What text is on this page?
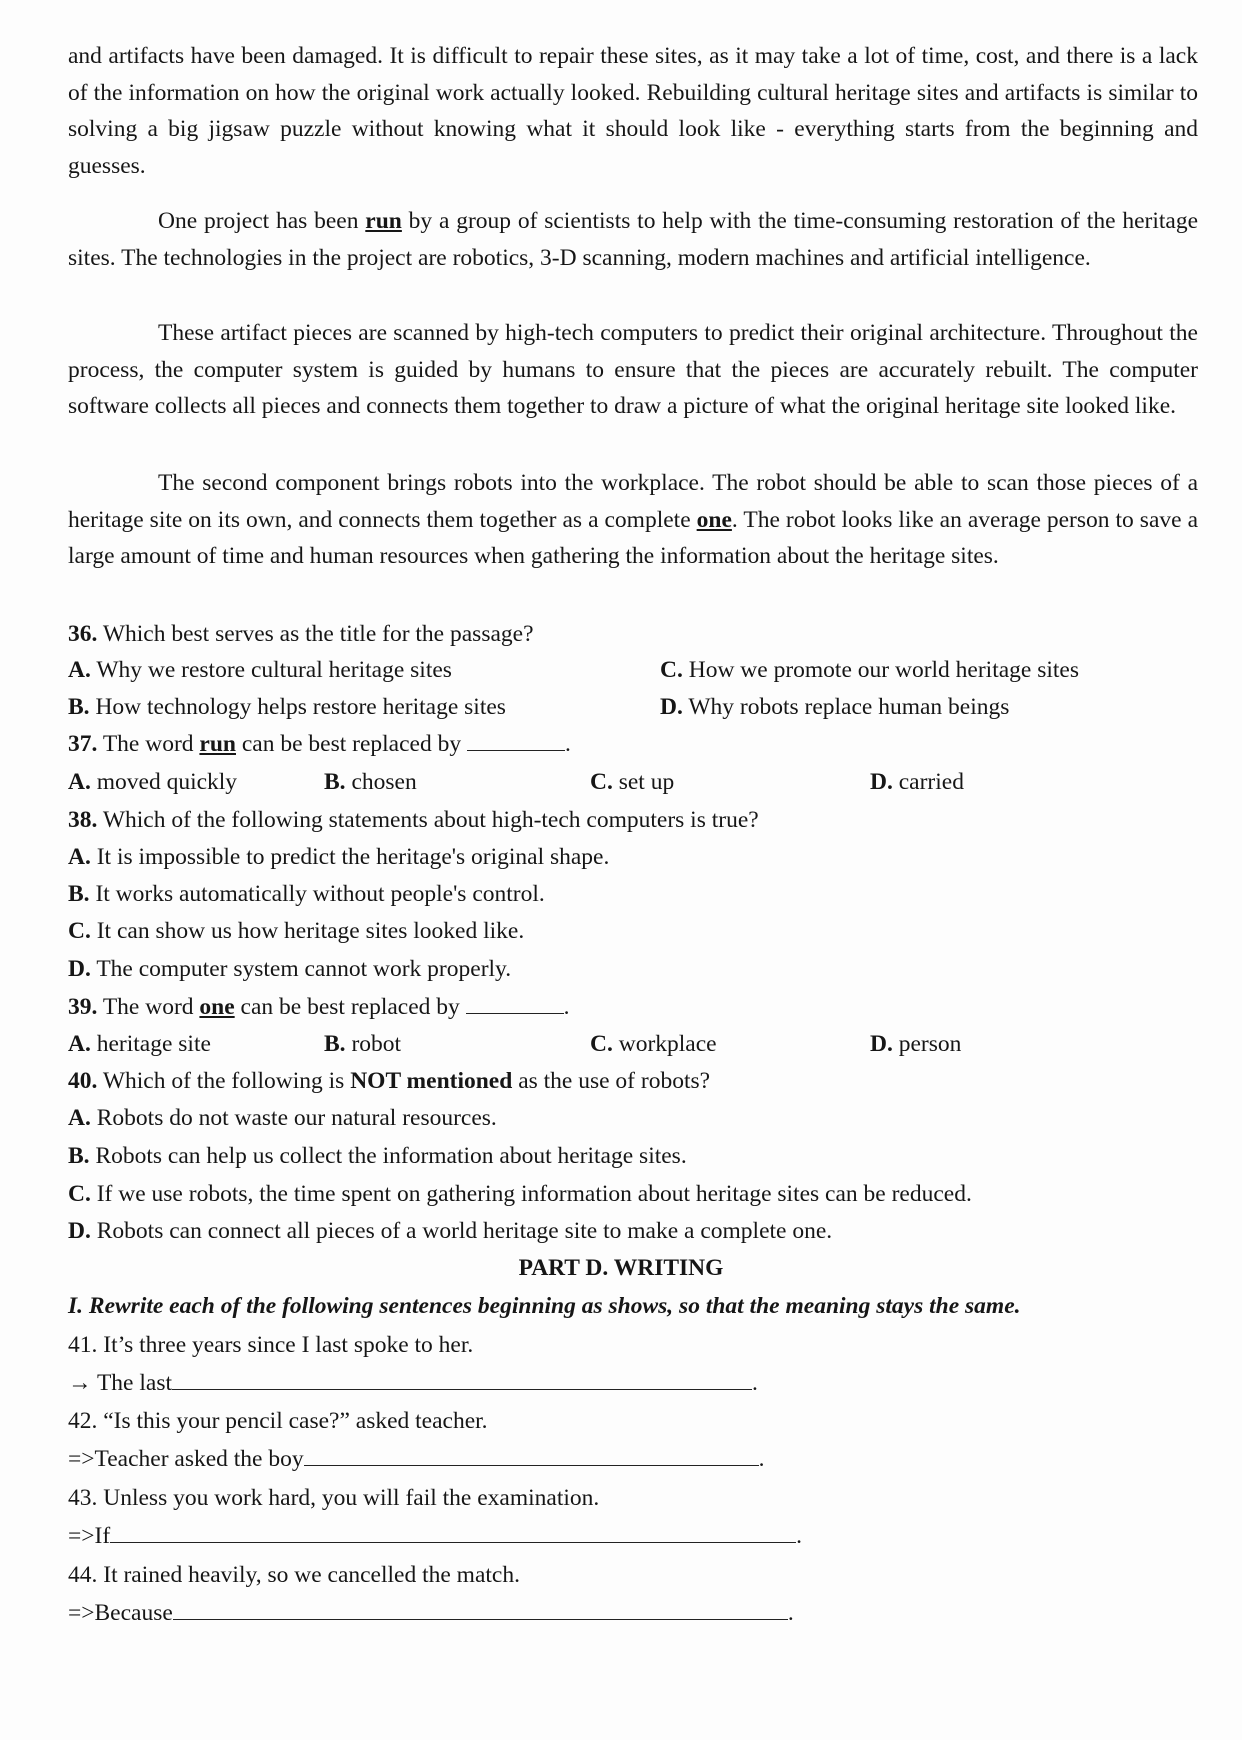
and artifacts have been damaged. It is difficult to repair these sites, as it may take a lot of time, cost, and there is a lack of the information on how the original work actually looked. Rebuilding cultural heritage sites and artifacts is similar to solving a big jigsaw puzzle without knowing what it should look like - everything starts from the beginning and guesses.

One project has been run by a group of scientists to help with the time-consuming restoration of the heritage sites. The technologies in the project are robotics, 3-D scanning, modern machines and artificial intelligence.

These artifact pieces are scanned by high-tech computers to predict their original architecture. Throughout the process, the computer system is guided by humans to ensure that the pieces are accurately rebuilt. The computer software collects all pieces and connects them together to draw a picture of what the original heritage site looked like.

The second component brings robots into the workplace. The robot should be able to scan those pieces of a heritage site on its own, and connects them together as a complete one. The robot looks like an average person to save a large amount of time and human resources when gathering the information about the heritage sites.

36. Which best serves as the title for the passage?
A. Why we restore cultural heritage sites	C. How we promote our world heritage sites
B. How technology helps restore heritage sites	D. Why robots replace human beings
37. The word run can be best replaced by	.
A. moved quickly	B. chosen	C. set up	D. carried
38. Which of the following statements about high-tech computers is true?
A. It is impossible to predict the heritage's original shape.
B. It works automatically without people's control.
C. It can show us how heritage sites looked like.
D. The computer system cannot work properly.
39. The word one can be best replaced by	.
A. heritage site	B. robot	C. workplace	D. person
40. Which of the following is NOT mentioned as the use of robots?
A. Robots do not waste our natural resources.
B. Robots can help us collect the information about heritage sites.
C. If we use robots, the time spent on gathering information about heritage sites can be reduced.
D. Robots can connect all pieces of a world heritage site to make a complete one.
PART D. WRITING
I. Rewrite each of the following sentences beginning as shows, so that the meaning stays the same.
41. It’s three years since I last spoke to her.
→ The last	.
42. “Is this your pencil case?” asked teacher.
=>Teacher asked the boy	.
43. Unless you work hard, you will fail the examination.
=>If	.
44. It rained heavily, so we cancelled the match.
=>Because	.
